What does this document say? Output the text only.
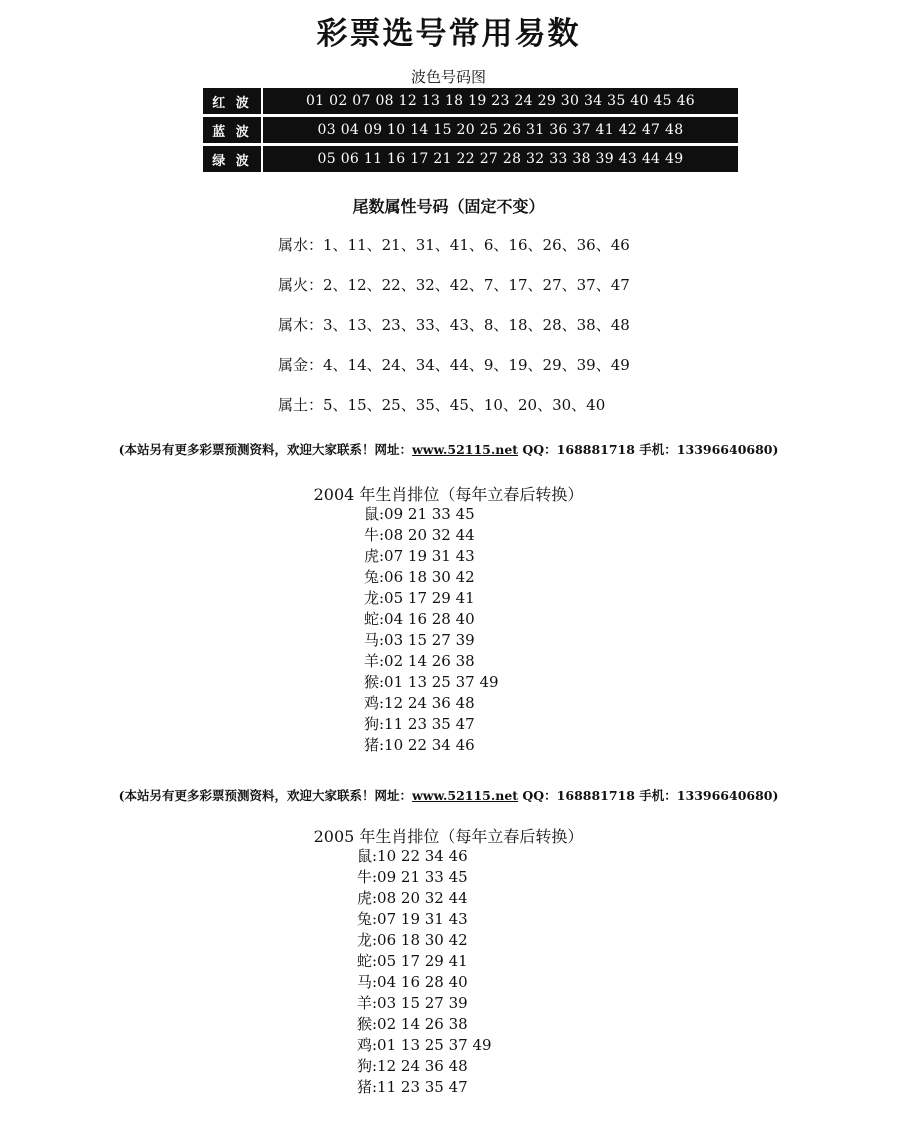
彩票选号常用易数
波色号码图
红 波	01 02 07 08 12 13 18 19 23 24 29 30 34 35 40 45 46
蓝 波	03 04 09 10 14 15 20 25 26 31 36 37 41 42 47 48
绿 波	05 06 11 16 17 21 22 27 28 32 33 38 39 43 44 49
尾数属性号码（固定不变）
属水：1、11、21、31、41、6、16、26、36、46
属火：2、12、22、32、42、7、17、27、37、47
属木：3、13、23、33、43、8、18、28、38、48
属金：4、14、24、34、44、9、19、29、39、49
属土：5、15、25、35、45、10、20、30、40
(本站另有更多彩票预测资料，欢迎大家联系！网址：www.52115.net QQ：168881718 手机：13396640680)
2004 年生肖排位（每年立春后转换）
鼠:09 21 33 45
牛:08 20 32 44
虎:07 19 31 43
兔:06 18 30 42
龙:05 17 29 41
蛇:04 16 28 40
马:03 15 27 39
羊:02 14 26 38
猴:01 13 25 37 49
鸡:12 24 36 48
狗:11 23 35 47
猪:10 22 34 46
(本站另有更多彩票预测资料，欢迎大家联系！网址：www.52115.net QQ：168881718 手机：13396640680)
2005 年生肖排位（每年立春后转换）
鼠:10 22 34 46
牛:09 21 33 45
虎:08 20 32 44
兔:07 19 31 43
龙:06 18 30 42
蛇:05 17 29 41
马:04 16 28 40
羊:03 15 27 39
猴:02 14 26 38
鸡:01 13 25 37 49
狗:12 24 36 48
猪:11 23 35 47
